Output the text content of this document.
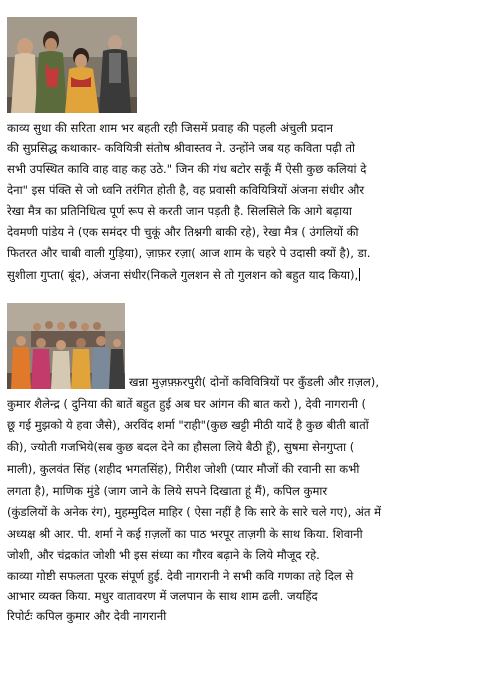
काव्य सुधा की सरिता शाम भर बहती रही जिसमें प्रवाह की पहली अंचुली प्रदान
की सुप्रसिद्ध कथाकार- कवियित्री संतोष श्रीवास्तव ने. उन्होंने जब यह कविता पढ़ी तो
सभी उपस्थित कावि वाह वाह कह उठे." जिन की गंध बटोर सकूँ मैं ऐसी कुछ कलियां दे
देना" इस पंक्ति से जो ध्वनि तरंगित होती है, वह प्रवासी कवियित्रियों अंजना संधीर और
रेखा मैत्र का प्रतिनिधित्व पूर्ण रूप से करती जान पड़ती है. सिलसिले कि आगे बढ़ाया
देवमणी पांडेय ने (एक समंदर पी चुकूं और तिश्नगी बाकी रहे), रेखा मैत्र ( उंगलियों की
फितरत और चाबी वाली गुड़िया), ज़ाफ़र रज़ा( आज शाम के चहरे पे उदासी क्यों है), डा.
सुशीला गुप्ता( बूंद), अंजना संधीर(निकले गुलशन से तो गुलशन को बहुत याद किया),
खन्ना मुज़फ़्फ़रपुरी( दोनों कविवित्रियों पर कुँडली और ग़ज़ल),
कुमार शैलेन्द्र ( दुनिया की बातें बहुत हुई अब घर आंगन की बात करो ), देवी नागरानी (
छू गई मुझको ये हवा जैसे), अरविंद शर्मा "राही"(कुछ खट्टी मीठी यादें है कुछ बीती बातों
की), ज्योती गजभिये(सब कुछ बदल देने का हौसला लिये बैठी हूँ), सुषमा सेनगुप्ता (
माली), कुलवंत सिंह (शहीद भगतसिंह), गिरीश जोशी (प्यार मौजों की रवानी सा कभी
लगता है), माणिक मुंडे (जाग जाने के लिये सपने दिखाता हूं मैं), कपिल कुमार
(कुंडलियों के अनेक रंग), मुहम्मुदिल माहिर ( ऐसा नहीं है कि सारे के सारे चले गए), अंत में
अध्यक्ष श्री आर. पी. शर्मा ने कई ग़ज़लों का पाठ भरपूर ताज़गी के साथ किया. शिवानी
जोशी, और चंद्रकांत जोशी भी इस संध्या का गौरव बढ़ाने के लिये मौजूद रहे.
काव्या गोष्टी सफलता पूरक संपूर्ण हुई. देवी नागरानी ने सभी कवि गणका तहे दिल से
आभार व्यक्त किया. मधुर वातावरण में जलपान के साथ शाम ढली. जयहिंद
रिपोर्टः कपिल कुमार और देवी नागरानी
